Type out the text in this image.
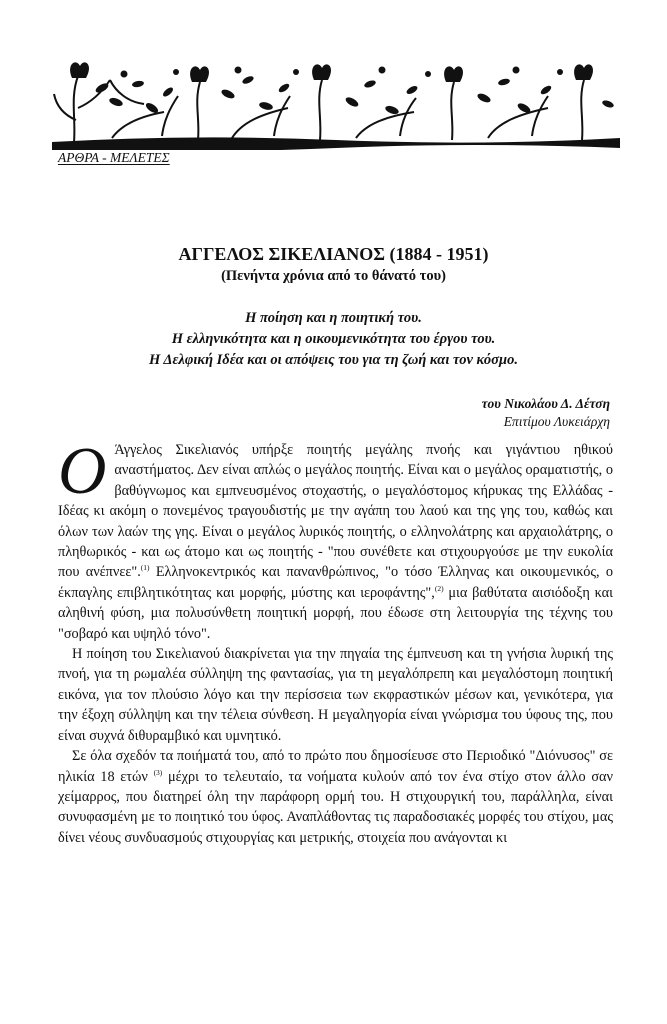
ΑΡΘΡΑ - ΜΕΛΕΤΕΣ
ΑΓΓΕΛΟΣ ΣΙΚΕΛΙΑΝΟΣ (1884 - 1951)
(Πενήντα χρόνια από το θάνατό του)
Η ποίηση και η ποιητική του.
Η ελληνικότητα και η οικουμενικότητα του έργου του.
Η Δελφική Ιδέα και οι απόψεις του για τη ζωή και τον κόσμο.
του Νικολάου Δ. Δέτση
Επιτίμου Λυκειάρχη

Ο Άγγελος Σικελιανός υπήρξε ποιητής μεγάλης πνοής και γιγάντιου ηθικού αναστήματος. Δεν είναι απλώς ο μεγάλος ποιητής. Είναι και ο μεγάλος οραματιστής, ο βαθύγνωμος και εμπνευσμένος στοχαστής, ο μεγαλόστομος κήρυκας της Ελλάδας - Ιδέας κι ακόμη ο πονεμένος τραγουδιστής με την αγάπη του λαού και της γης του, καθώς και όλων των λαών της γης. Είναι ο μεγάλος λυρικός ποιητής, ο ελληνολάτρης και αρχαιολάτρης, ο πληθωρικός - και ως άτομο και ως ποιητής - "που συνέθετε και στιχουργούσε με την ευκολία που ανέπνεε".$^{(1)}$ Ελληνοκεντρικός και πανανθρώπινος, "ο τόσο Έλληνας και οικουμενικός, ο έκπαγλης επιβλητικότητας και μορφής, μύστης και ιεροφάντης",$^{(2)}$ μια βαθύτατα αισιόδοξη και αληθινή φύση, μια πολυσύνθετη ποιητική μορφή, που έδωσε στη λειτουργία της τέχνης του "σοβαρό και υψηλό τόνο".

Η ποίηση του Σικελιανού διακρίνεται για την πηγαία της έμπνευση και τη γνήσια λυρική της πνοή, για τη ρωμαλέα σύλληψη της φαντασίας, για τη μεγαλόπρεπη και μεγαλόστομη ποιητική εικόνα, για τον πλούσιο λόγο και την περίσσεια των εκφραστικών μέσων και, γενικότερα, για την έξοχη σύλληψη και την τέλεια σύνθεση. Η μεγαληγορία είναι γνώρισμα του ύφους της, που είναι συχνά διθυραμβικό και υμνητικό.

Σε όλα σχεδόν τα ποιήματά του, από το πρώτο που δημοσίευσε στο Περιοδικό "Διόνυσος" σε ηλικία 18 ετών $^{(3)}$ μέχρι το τελευταίο, τα νοήματα κυλούν από τον ένα στίχο στον άλλο σαν χείμαρρος, που διατηρεί όλη την παράφορη ορμή του. Η στιχουργική του, παράλληλα, είναι συνυφασμένη με το ποιητικό του ύφος. Αναπλάθοντας τις παραδοσιακές μορφές του στίχου, μας δίνει νέους συνδυασμούς στιχουργίας και μετρικής, στοιχεία που ανάγονται κι
